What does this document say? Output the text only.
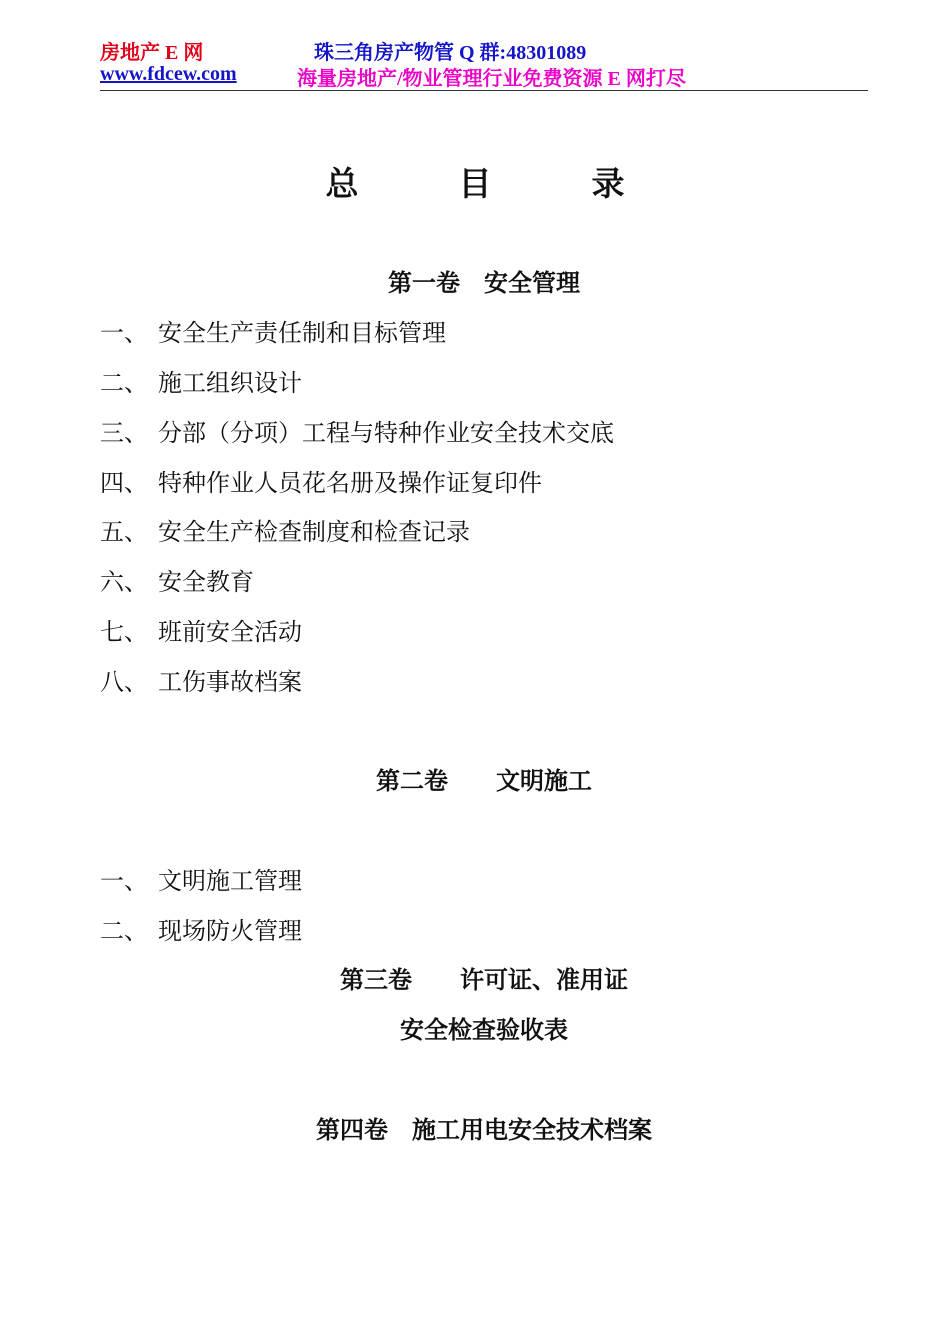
房地产 E 网	珠三角房产物管 Q 群:48301089
www.fdcew.com	海量房地产/物业管理行业免费资源 E 网打尽
总	目	录
第一卷　安全管理
一、 安全生产责任制和目标管理
二、 施工组织设计
三、 分部（分项）工程与特种作业安全技术交底
四、 特种作业人员花名册及操作证复印件
五、 安全生产检查制度和检查记录
六、 安全教育
七、 班前安全活动
八、 工伤事故档案
第二卷　　文明施工
一、 文明施工管理
二、 现场防火管理
第三卷　　许可证、准用证
安全检查验收表
第四卷　施工用电安全技术档案
